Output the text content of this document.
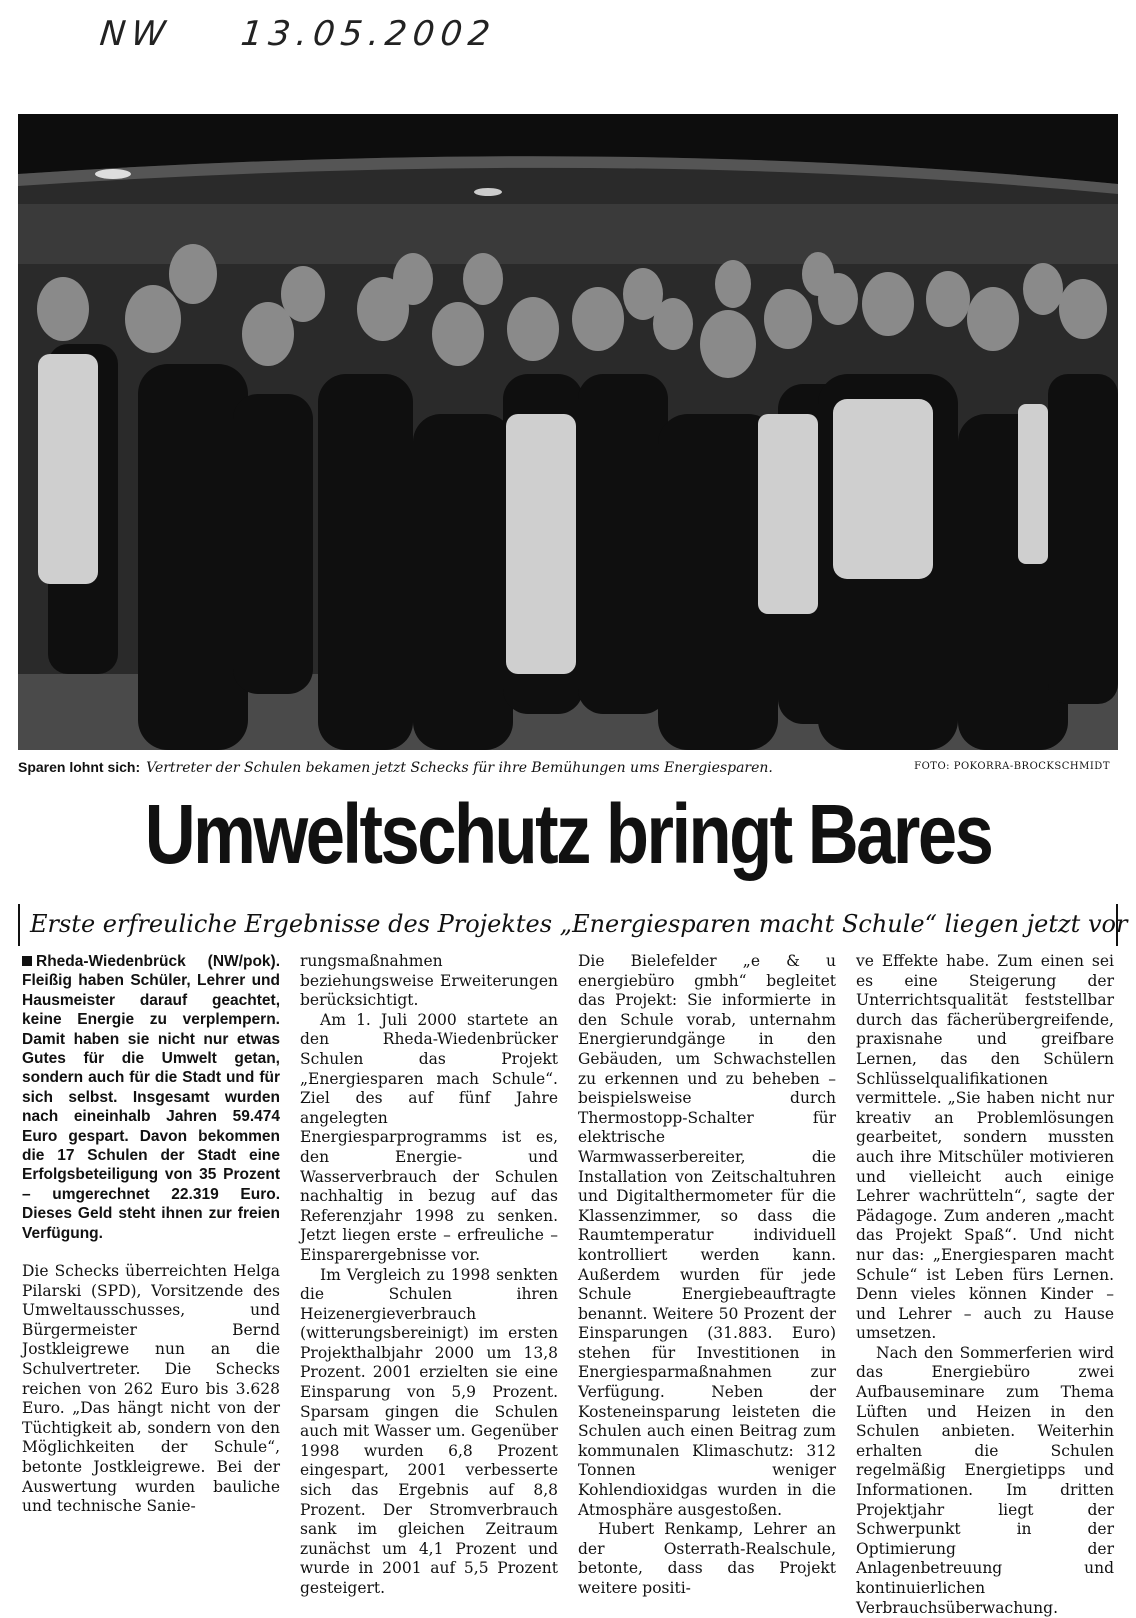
NW 13.05.2002
Sparen lohnt sich: Vertreter der Schulen bekamen jetzt Schecks für ihre Bemühungen ums Energiesparen.	FOTO: POKORRA-BROCKSCHMIDT
Umweltschutz bringt Bares
Erste erfreuliche Ergebnisse des Projektes „Energiesparen macht Schule“ liegen jetzt vor

Rheda-Wiedenbrück (NW/pok). Fleißig haben Schüler, Lehrer und Hausmeister darauf geachtet, keine Energie zu verplempern. Damit haben sie nicht nur etwas Gutes für die Umwelt getan, sondern auch für die Stadt und für sich selbst. Insgesamt wurden nach eineinhalb Jahren 59.474 Euro gespart. Davon bekommen die 17 Schulen der Stadt eine Erfolgsbeteiligung von 35 Prozent – umgerechnet 22.319 Euro. Dieses Geld steht ihnen zur freien Verfügung.

Die Schecks überreichten Helga Pilarski (SPD), Vorsitzende des Umweltausschusses, und Bürgermeister Bernd Jostkleigrewe nun an die Schulvertreter. Die Schecks reichen von 262 Euro bis 3.628 Euro. „Das hängt nicht von der Tüchtigkeit ab, sondern von den Möglichkeiten der Schule“, betonte Jostkleigrewe. Bei der Auswertung wurden bauliche und technische Sanie-

rungsmaßnahmen beziehungsweise Erweiterungen berücksichtigt.

Am 1. Juli 2000 startete an den Rheda-Wiedenbrücker Schulen das Projekt „Energiesparen mach Schule“. Ziel des auf fünf Jahre angelegten Energiesparprogramms ist es, den Energie- und Wasserverbrauch der Schulen nachhaltig in bezug auf das Referenzjahr 1998 zu senken. Jetzt liegen erste – erfreuliche – Einsparergebnisse vor.

Im Vergleich zu 1998 senkten die Schulen ihren Heizenergieverbrauch (witterungsbereinigt) im ersten Projekthalbjahr 2000 um 13,8 Prozent. 2001 erzielten sie eine Einsparung von 5,9 Prozent. Sparsam gingen die Schulen auch mit Wasser um. Gegenüber 1998 wurden 6,8 Prozent eingespart, 2001 verbesserte sich das Ergebnis auf 8,8 Prozent. Der Stromverbrauch sank im gleichen Zeitraum zunächst um 4,1 Prozent und wurde in 2001 auf 5,5 Prozent gesteigert.

Die Bielefelder „e & u energiebüro gmbh“ begleitet das Projekt: Sie informierte in den Schule vorab, unternahm Energierundgänge in den Gebäuden, um Schwachstellen zu erkennen und zu beheben – beispielsweise durch Thermostopp-Schalter für elektrische Warmwasserbereiter, die Installation von Zeitschaltuhren und Digitalthermometer für die Klassenzimmer, so dass die Raumtemperatur individuell kontrolliert werden kann. Außerdem wurden für jede Schule Energiebeauftragte benannt. Weitere 50 Prozent der Einsparungen (31.883. Euro) stehen für Investitionen in Energiesparmaßnahmen zur Verfügung. Neben der Kosteneinsparung leisteten die Schulen auch einen Beitrag zum kommunalen Klimaschutz: 312 Tonnen weniger Kohlendioxidgas wurden in die Atmosphäre ausgestoßen.

Hubert Renkamp, Lehrer an der Osterrath-Realschule, betonte, dass das Projekt weitere positi-

ve Effekte habe. Zum einen sei es eine Steigerung der Unterrichtsqualität feststellbar durch das fächerübergreifende, praxisnahe und greifbare Lernen, das den Schülern Schlüsselqualifikationen vermittele. „Sie haben nicht nur kreativ an Problemlösungen gearbeitet, sondern mussten auch ihre Mitschüler motivieren und vielleicht auch einige Lehrer wachrütteln“, sagte der Pädagoge. Zum anderen „macht das Projekt Spaß“. Und nicht nur das: „Energiesparen macht Schule“ ist Leben fürs Lernen. Denn vieles können Kinder – und Lehrer – auch zu Hause umsetzen.

Nach den Sommerferien wird das Energiebüro zwei Aufbauseminare zum Thema Lüften und Heizen in den Schulen anbieten. Weiterhin erhalten die Schulen regelmäßig Energietipps und Informationen. Im dritten Projektjahr liegt der Schwerpunkt in der Optimierung der Anlagenbetreuung und kontinuierlichen Verbrauchsüberwachung.
